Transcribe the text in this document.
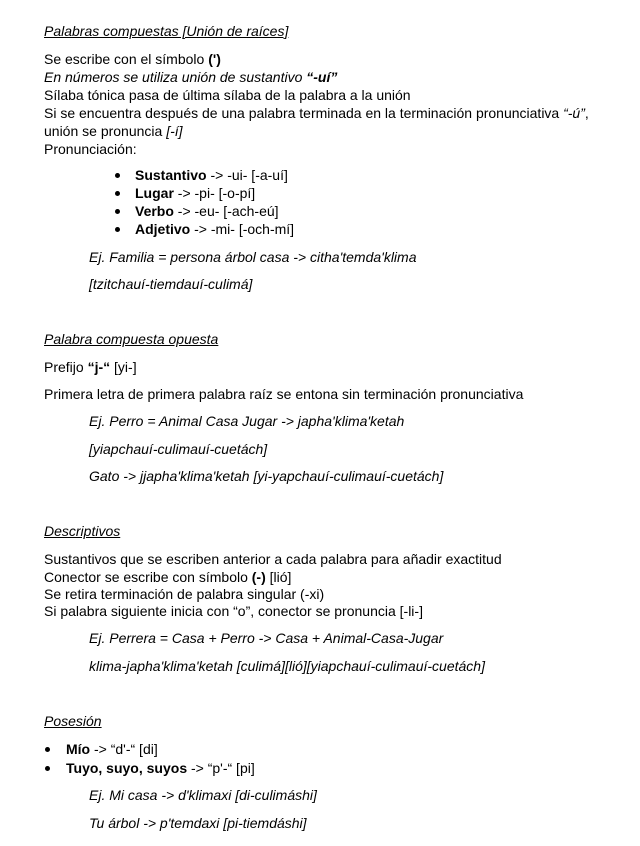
Palabras compuestas [Unión de raíces]
Se escribe con el símbolo (')
En números se utiliza unión de sustantivo “-uí”
Sílaba tónica pasa de última sílaba de la palabra a la unión
Si se encuentra después de una palabra terminada en la terminación pronunciativa “-ú”,
unión se pronuncia [-í]
Pronunciación:
Sustantivo -> -ui- [-a-uí]
Lugar -> -pi- [-o-pí]
Verbo -> -eu- [-ach-eú]
Adjetivo -> -mi- [-och-mí]
Ej. Familia = persona árbol casa -> citha'temda'klima
[tzitchauí-tiemdauí-culimá]
Palabra compuesta opuesta
Prefijo “j-“ [yi-]
Primera letra de primera palabra raíz se entona sin terminación pronunciativa
Ej. Perro = Animal Casa Jugar -> japha'klima'ketah
[yiapchauí-culimauí-cuetách]
Gato -> jjapha'klima'ketah [yi-yapchauí-culimauí-cuetách]
Descriptivos
Sustantivos que se escriben anterior a cada palabra para añadir exactitud
Conector se escribe con símbolo (-) [lió]
Se retira terminación de palabra singular (-xi)
Si palabra siguiente inicia con “o”, conector se pronuncia [-li-]
Ej. Perrera = Casa + Perro -> Casa + Animal-Casa-Jugar
klima-japha'klima'ketah [culimá][lió][yiapchauí-culimauí-cuetách]
Posesión
Mío -> “d'-“ [di]
Tuyo, suyo, suyos -> “p'-“ [pi]
Ej. Mi casa -> d'klimaxi [di-culimáshi]
Tu árbol -> p'temdaxi [pi-tiemdáshi]
